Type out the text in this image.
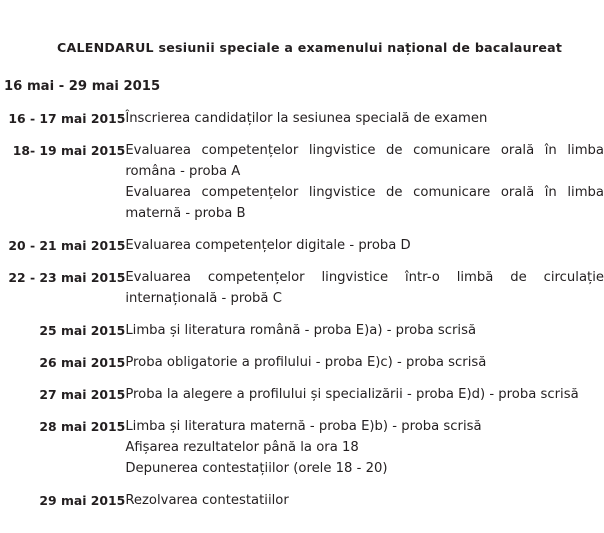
CALENDARUL sesiunii speciale a examenului național de bacalaureat
16 mai - 29 mai 2015
16 - 17 mai 2015	Înscrierea candidaților la sesiunea specială de examen

18- 19 mai 2015	Evaluarea competențelor lingvistice de comunicare orală în limba româna - proba A
Evaluarea competențelor lingvistice de comunicare orală în limba maternă - proba B

20 - 21 mai 2015	Evaluarea competențelor digitale - proba D

22 - 23 mai 2015	Evaluarea competențelor lingvistice într-o limbă de circulație internațională - probă C

25 mai 2015	Limba și literatura română - proba E)a) - proba scrisă

26 mai 2015	Proba obligatorie a profilului - proba E)c) - proba scrisă

27 mai 2015	Proba la alegere a profilului și specializării - proba E)d) - proba scrisă

28 mai 2015	Limba și literatura maternă - proba E)b) - proba scrisă
Afișarea rezultatelor până la ora 18
Depunerea contestațiilor (orele 18 - 20)

29 mai 2015	Rezolvarea contestatiilor
